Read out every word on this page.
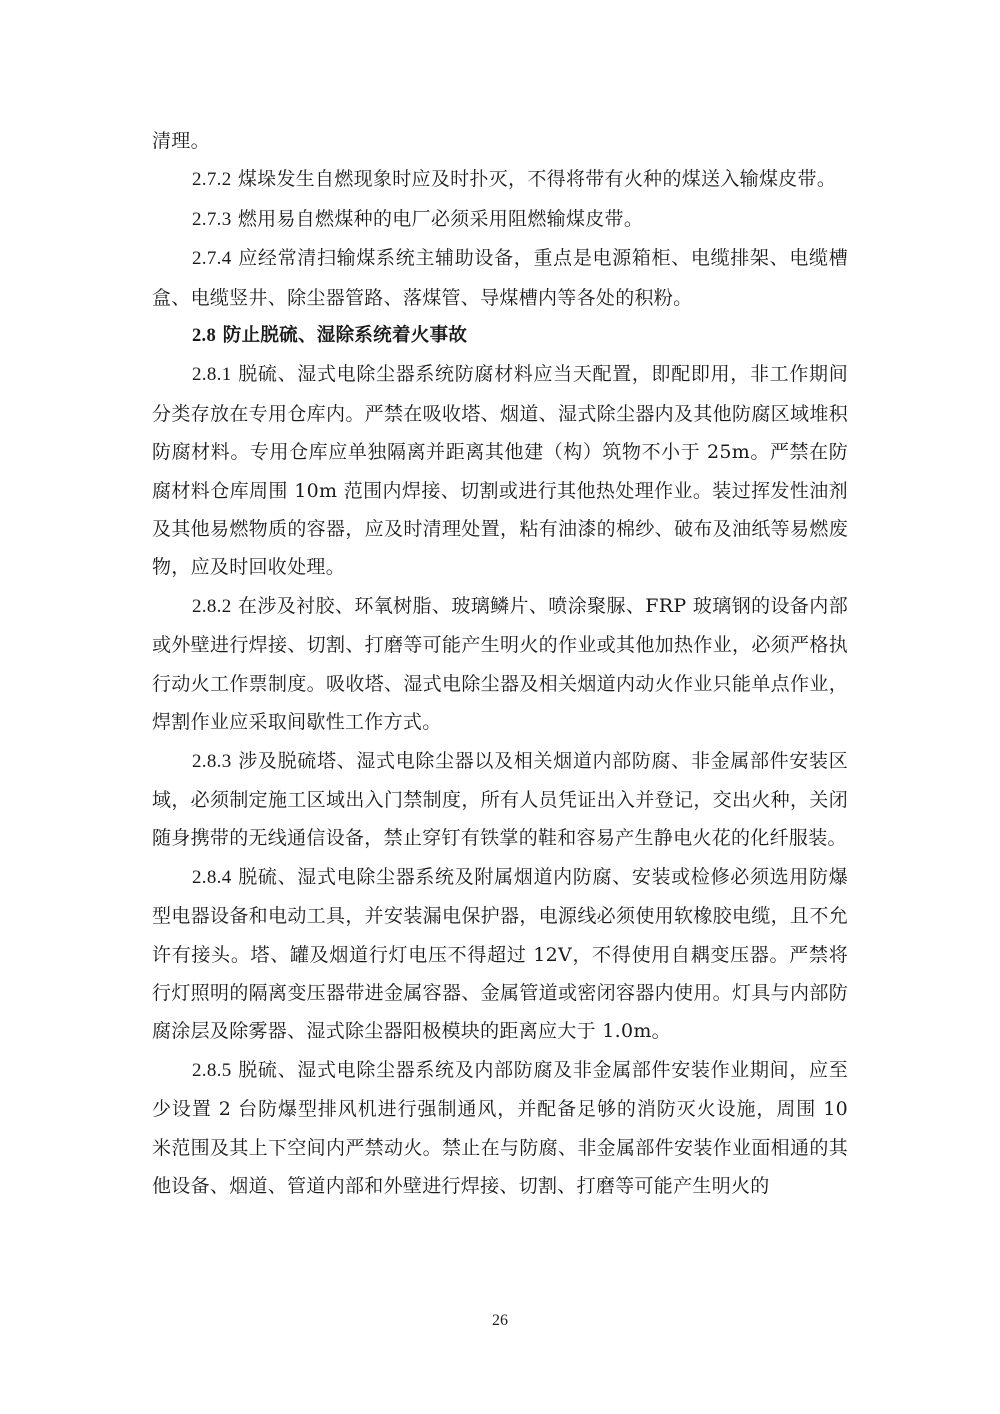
清理。

2.7.2 煤垛发生自燃现象时应及时扑灭，不得将带有火种的煤送入输煤皮带。

2.7.3 燃用易自燃煤种的电厂必须采用阻燃输煤皮带。

2.7.4 应经常清扫输煤系统主辅助设备，重点是电源箱柜、电缆排架、电缆槽盒、电缆竖井、除尘器管路、落煤管、导煤槽内等各处的积粉。

2.8 防止脱硫、湿除系统着火事故

2.8.1 脱硫、湿式电除尘器系统防腐材料应当天配置，即配即用，非工作期间分类存放在专用仓库内。严禁在吸收塔、烟道、湿式除尘器内及其他防腐区域堆积防腐材料。专用仓库应单独隔离并距离其他建（构）筑物不小于 25m。严禁在防腐材料仓库周围 10m 范围内焊接、切割或进行其他热处理作业。装过挥发性油剂及其他易燃物质的容器，应及时清理处置，粘有油漆的棉纱、破布及油纸等易燃废物，应及时回收处理。

2.8.2 在涉及衬胶、环氧树脂、玻璃鳞片、喷涂聚脲、FRP 玻璃钢的设备内部或外壁进行焊接、切割、打磨等可能产生明火的作业或其他加热作业，必须严格执行动火工作票制度。吸收塔、湿式电除尘器及相关烟道内动火作业只能单点作业，焊割作业应采取间歇性工作方式。

2.8.3 涉及脱硫塔、湿式电除尘器以及相关烟道内部防腐、非金属部件安装区域，必须制定施工区域出入门禁制度，所有人员凭证出入并登记，交出火种，关闭随身携带的无线通信设备，禁止穿钉有铁掌的鞋和容易产生静电火花的化纤服装。

2.8.4 脱硫、湿式电除尘器系统及附属烟道内防腐、安装或检修必须选用防爆型电器设备和电动工具，并安装漏电保护器，电源线必须使用软橡胶电缆，且不允许有接头。塔、罐及烟道行灯电压不得超过 12V，不得使用自耦变压器。严禁将行灯照明的隔离变压器带进金属容器、金属管道或密闭容器内使用。灯具与内部防腐涂层及除雾器、湿式除尘器阳极模块的距离应大于 1.0m。

2.8.5 脱硫、湿式电除尘器系统及内部防腐及非金属部件安装作业期间，应至少设置 2 台防爆型排风机进行强制通风，并配备足够的消防灭火设施，周围 10 米范围及其上下空间内严禁动火。禁止在与防腐、非金属部件安装作业面相通的其他设备、烟道、管道内部和外壁进行焊接、切割、打磨等可能产生明火的

26
